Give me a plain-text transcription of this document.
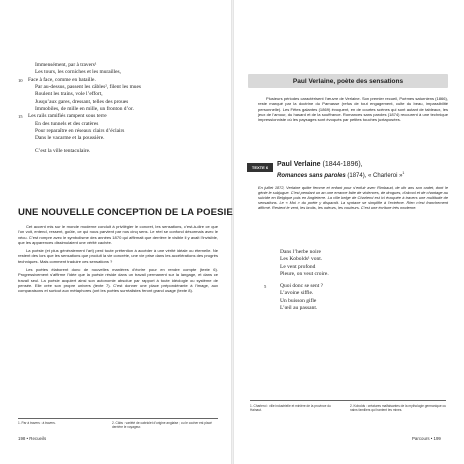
Immensément, par à travers¹
Les tours, les corniches et les murailles,
Face à face, comme en bataille.
10
Par au-dessus, passent les câbles², filent les mues
Roulent les trains, vole l’effort,
Jusqu’aux gares, dressant, telles des proues
Immobiles, de mille en mille, un fronton d’or.
Les rails ramifiés rampent sous terre
15
En des tunnels et des cratères
Pour reparaître en réseaux clairs d’éclairs
Dans le vacarme et la poussière.
C’est la ville tentaculaire.
UNE NOUVELLE CONCEPTION DE LA POESIE

Cet accent mis sur le monde moderne conduit à privilégier le concret, les sensations, c’est-à-dire ce que l’on voit, entend, ressent, goûte, ce qui nous parvient par nos cinq sens. Le réel se confond désormais avec le vécu. C’est rompre avec le symbolisme des années 1870 qui affirmait que derrière le visible il y avait l’invisible, que les apparences dissimulaient une vérité cachée.

La poésie (et plus généralement l’art) perd toute prétention à accéder à une vérité idéale ou éternelle. Ne restent des lors que les sensations que produit la vie concrète, une vie prise dans les accélérations des progrès techniques. Mais comment traduire ces sensations ?

Les poètes élaborent donc de nouvelles manières d’écrire pour en rendre compte (texte 6). Progressivement s’affirme l’idée que la poésie réside dans un travail permanent sur la langage, et dans ce travail seul. La poésie acquiert ainsi son autonomie absolue par rapport à toute idéologie ou système de pensée. Elle crée son propre univers (texte 7). C’est donner une place prépondérante à l’image, aux comparaisons et surtout aux métaphores (ont les poètes surréalistes feront grand usage (texte 8).

1. Par à travers : à travers.	2. Câbs : variété de cabriolet d’origine anglaise ; ou le cocher est placé derrière le voyageur.
198 • Recueils
Paul Verlaine, poète des sensations

Plusieurs périodes caractérisent l’œuvre de Verlaine. Son premier recueil, Poèmes saturniens (1866), reste marqué par la doctrine du Parnasse (refus de tout engagement, culte du beau, impassibilité personnelle). Les Fêtes galantes (1869) évoquent, en de courtes scènes qui sont autant de tableaux, les jeux de l’amour, du hasard et de la souffrance. Romances sans paroles (1874) recourent à une technique impressionniste où les paysages sont évoqués par petites touches juxtaposées.

TEXTE 6	Paul Verlaine (1844-1896),
Romances sans paroles (1874), « Charleroi »$^1$
En juillet 1872, Verlaine quitte femme et enfant pour s’enfuir avec Rimbaud, de dix ans son cadet, dont le génie le subjugue. C’est pendant un an une errance faite de violences, de drogues, d’alcool et de chantage au suicide en Belgique puis en Angleterre. La ville belge de Charleroi est ici évoquée à travers une multitude de sensations. Le « Moi » du poète y disparaît. La syntaxe se simplifie à l’extrême. Rien n’est franchement affirmé. Restent le vent, les bruits, les odeurs, les couleurs. C’est une écriture très moderne.
Dans l’herbe noire
Les Kobolds¹ vont.
Le vent profond
Pleure, on veut croire.
Quoi donc se sent ?
5
L’avoine siffle.
Un buisson gifle
L’œil au passant.
1. Charleroi : ville industrielle et minière de la province du Hainaut.
2. Kobolds : créatures malfaisantes de la mythologie germanique ou nains familiers qui hantent les mines.
Parcours • 199
